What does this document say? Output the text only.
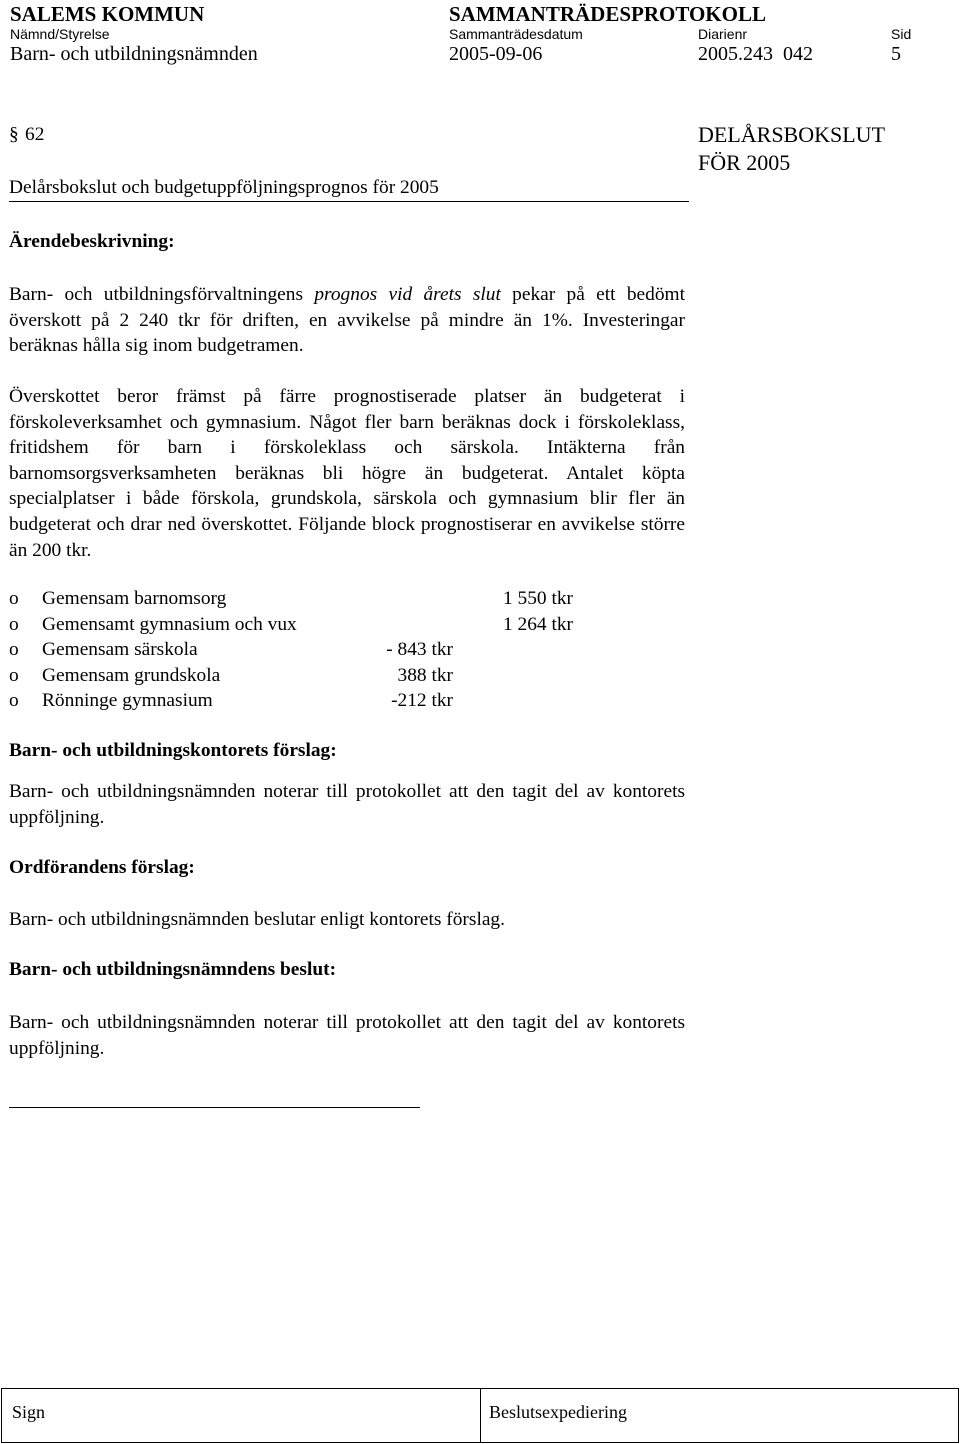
SALEMS KOMMUN	SAMMANTRÄDESPROTOKOLL
Nämnd/Styrelse	Sammanträdesdatum	Diarienr	Sid
Barn- och utbildningsnämnden	2005-09-06	2005.243  042	5
§ 62
Delårsbokslut och budgetuppföljningsprognos för 2005
DELÅRSBOKSLUT
FÖR 2005
Ärendebeskrivning:
Barn- och utbildningsförvaltningens prognos vid årets slut pekar på ett bedömt överskott på 2 240 tkr för driften, en avvikelse på mindre än 1%. Investeringar beräknas hålla sig inom budgetramen.
Överskottet beror främst på färre prognostiserade platser än budgeterat i förskoleverksamhet och gymnasium. Något fler barn beräknas dock i förskoleklass, fritidshem för barn i förskoleklass och särskola. Intäkterna från barnomsorgsverksamheten beräknas bli högre än budgeterat. Antalet köpta specialplatser i både förskola, grundskola, särskola och gymnasium blir fler än budgeterat och drar ned överskottet. Följande block prognostiserar en avvikelse större än 200 tkr.
o Gemensam barnomsorg	1 550 tkr
o Gemensamt gymnasium och vux	1 264 tkr
o Gemensam särskola	- 843 tkr
o Gemensam grundskola	388 tkr
o Rönninge gymnasium	-212 tkr
Barn- och utbildningskontorets förslag:
Barn- och utbildningsnämnden noterar till protokollet att den tagit del av kontorets uppföljning.
Ordförandens förslag:
Barn- och utbildningsnämnden beslutar enligt kontorets förslag.
Barn- och utbildningsnämndens beslut:
Barn- och utbildningsnämnden noterar till protokollet att den tagit del av kontorets uppföljning.
Sign	Beslutsexpediering
